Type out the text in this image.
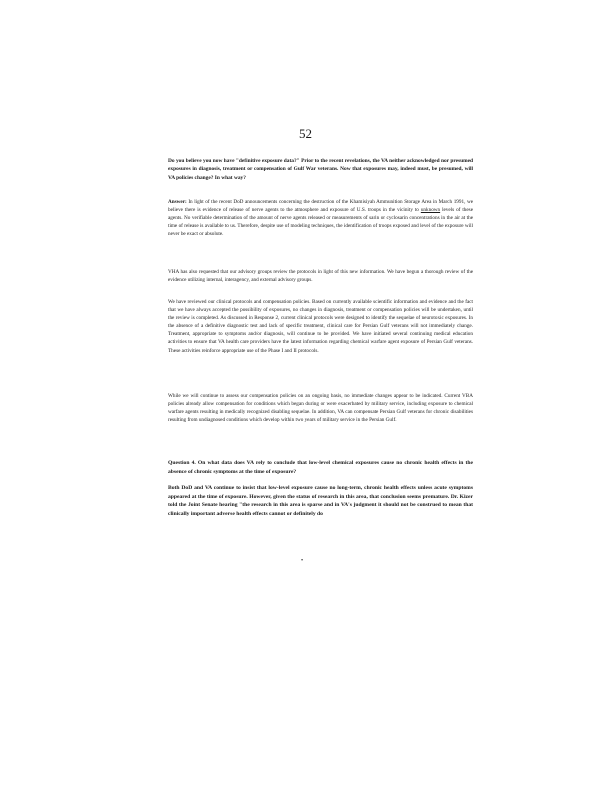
52

Do you believe you now have "definitive exposure data?" Prior to the recent revelations, the VA neither acknowledged nor presumed exposures in diagnosis, treatment or compensation of Gulf War veterans. Now that exposures may, indeed must, be presumed, will VA policies change? In what way?

Answer: In light of the recent DoD announcements concerning the destruction of the Khamisiyah Ammunition Storage Area in March 1991, we believe there is evidence of release of nerve agents to the atmosphere and exposure of U.S. troops in the vicinity to unknown levels of these agents. No verifiable determination of the amount of nerve agents released or measurements of sarin or cyclosarin concentrations in the air at the time of release is available to us. Therefore, despite use of modeling techniques, the identification of troops exposed and level of the exposure will never be exact or absolute.

VHA has also requested that our advisory groups review the protocols in light of this new information. We have begun a thorough review of the evidence utilizing internal, interagency, and external advisory groups.

We have reviewed our clinical protocols and compensation policies. Based on currently available scientific information and evidence and the fact that we have always accepted the possibility of exposures, no changes in diagnosis, treatment or compensation policies will be undertaken, until the review is completed. As discussed in Response 2, current clinical protocols were designed to identify the sequelae of neurotoxic exposures. In the absence of a definitive diagnostic test and lack of specific treatment, clinical care for Persian Gulf veterans will not immediately change. Treatment, appropriate to symptoms and/or diagnosis, will continue to be provided. We have initiated several continuing medical education activities to ensure that VA health care providers have the latest information regarding chemical warfare agent exposure of Persian Gulf veterans. These activities reinforce appropriate use of the Phase I and II protocols.

While we will continue to assess our compensation policies on an ongoing basis, no immediate changes appear to be indicated. Current VBA policies already allow compensation for conditions which began during or were exacerbated by military service, including exposure to chemical warfare agents resulting in medically recognized disabling sequelae. In addition, VA can compensate Persian Gulf veterans for chronic disabilities resulting from undiagnosed conditions which develop within two years of military service in the Persian Gulf.

Question 4. On what data does VA rely to conclude that low-level chemical exposures cause no chronic health effects in the absence of chronic symptoms at the time of exposure?

Both DoD and VA continue to insist that low-level exposure cause no long-term, chronic health effects unless acute symptoms appeared at the time of exposure. However, given the status of research in this area, that conclusion seems premature. Dr. Kizer told the Joint Senate hearing "the research in this area is sparse and in VA's judgment it should not be construed to mean that clinically important adverse health effects cannot or definitely do

•
